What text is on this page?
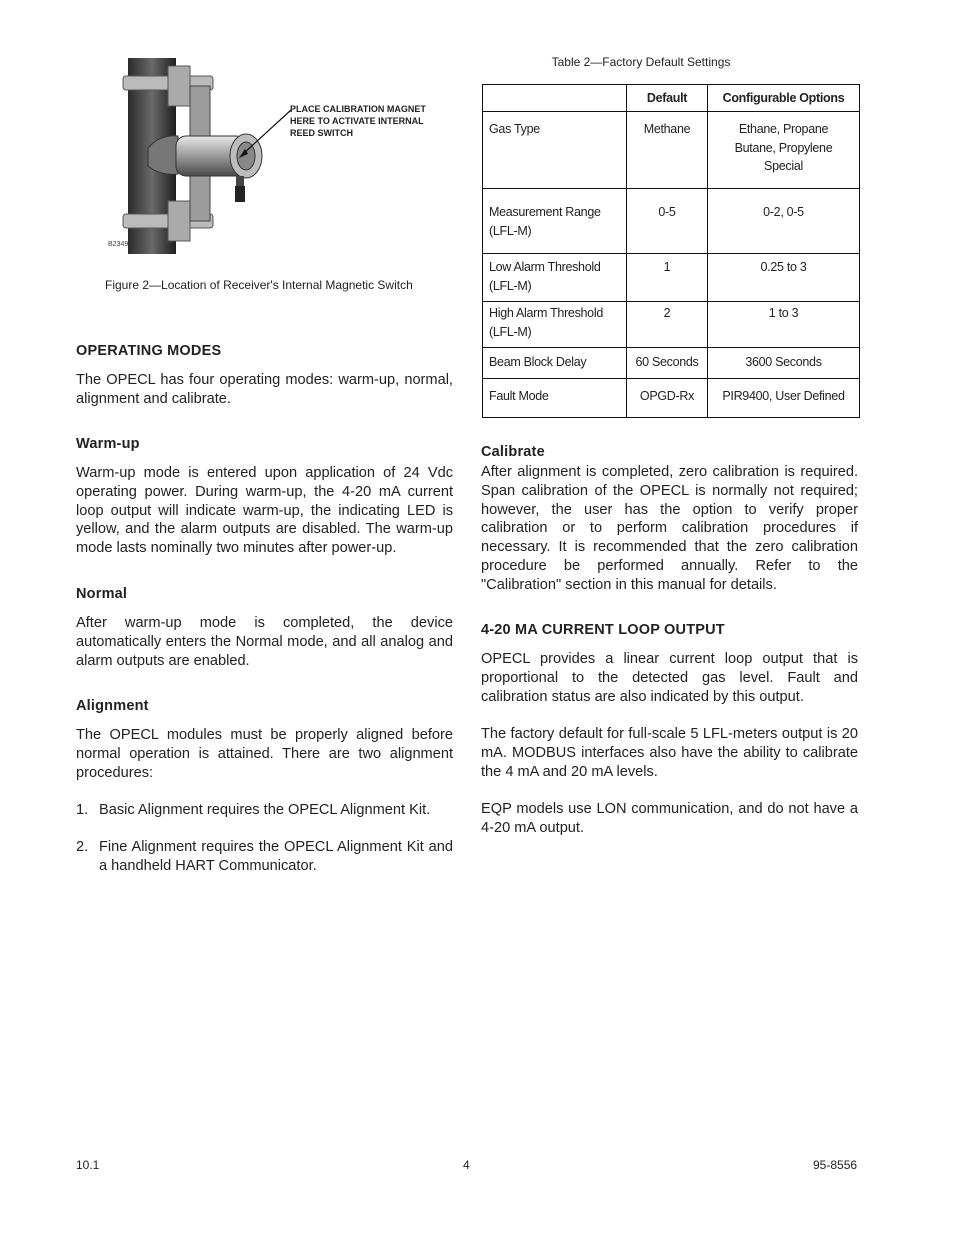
PLACE CALIBRATION MAGNET
HERE TO ACTIVATE INTERNAL
REED SWITCH
B2349
Figure 2—Location of Receiver's Internal Magnetic Switch
Table 2—Factory Default Settings
	Default	Configurable Options
Gas Type	Methane	Ethane, Propane
Butane, Propylene
Special

Measurement Range
(LFL-M)	0-5	0-2, 0-5

Low Alarm Threshold
(LFL-M)	1	0.25 to 3

High Alarm Threshold
(LFL-M)	2	1 to 3
Beam Block Delay	60 Seconds	3600 Seconds
Fault Mode	OPGD-Rx	PIR9400, User Defined
OPERATING MODES

The OPECL has four operating modes: warm-up, normal, alignment and calibrate.

Warm-up

Warm-up mode is entered upon application of 24 Vdc operating power. During warm-up, the 4-20 mA current loop output will indicate warm-up, the indicating LED is yellow, and the alarm outputs are disabled. The warm-up mode lasts nominally two minutes after power-up.

Normal

After warm-up mode is completed, the device automatically enters the Normal mode, and all analog and alarm outputs are enabled.

Alignment

The OPECL modules must be properly aligned before normal operation is attained. There are two alignment procedures:

1. Basic Alignment requires the OPECL Alignment Kit.
2. Fine Alignment requires the OPECL Alignment Kit and a handheld HART Communicator.
Calibrate

After alignment is completed, zero calibration is required. Span calibration of the OPECL is normally not required; however, the user has the option to verify proper calibration or to perform calibration procedures if necessary. It is recommended that the zero calibration procedure be performed annually. Refer to the "Calibration" section in this manual for details.

4-20 MA CURRENT LOOP OUTPUT

OPECL provides a linear current loop output that is proportional to the detected gas level. Fault and calibration status are also indicated by this output.

The factory default for full-scale 5 LFL-meters output is 20 mA. MODBUS interfaces also have the ability to calibrate the 4 mA and 20 mA levels.

EQP models use LON communication, and do not have a 4-20 mA output.

10.1	4	95-8556
